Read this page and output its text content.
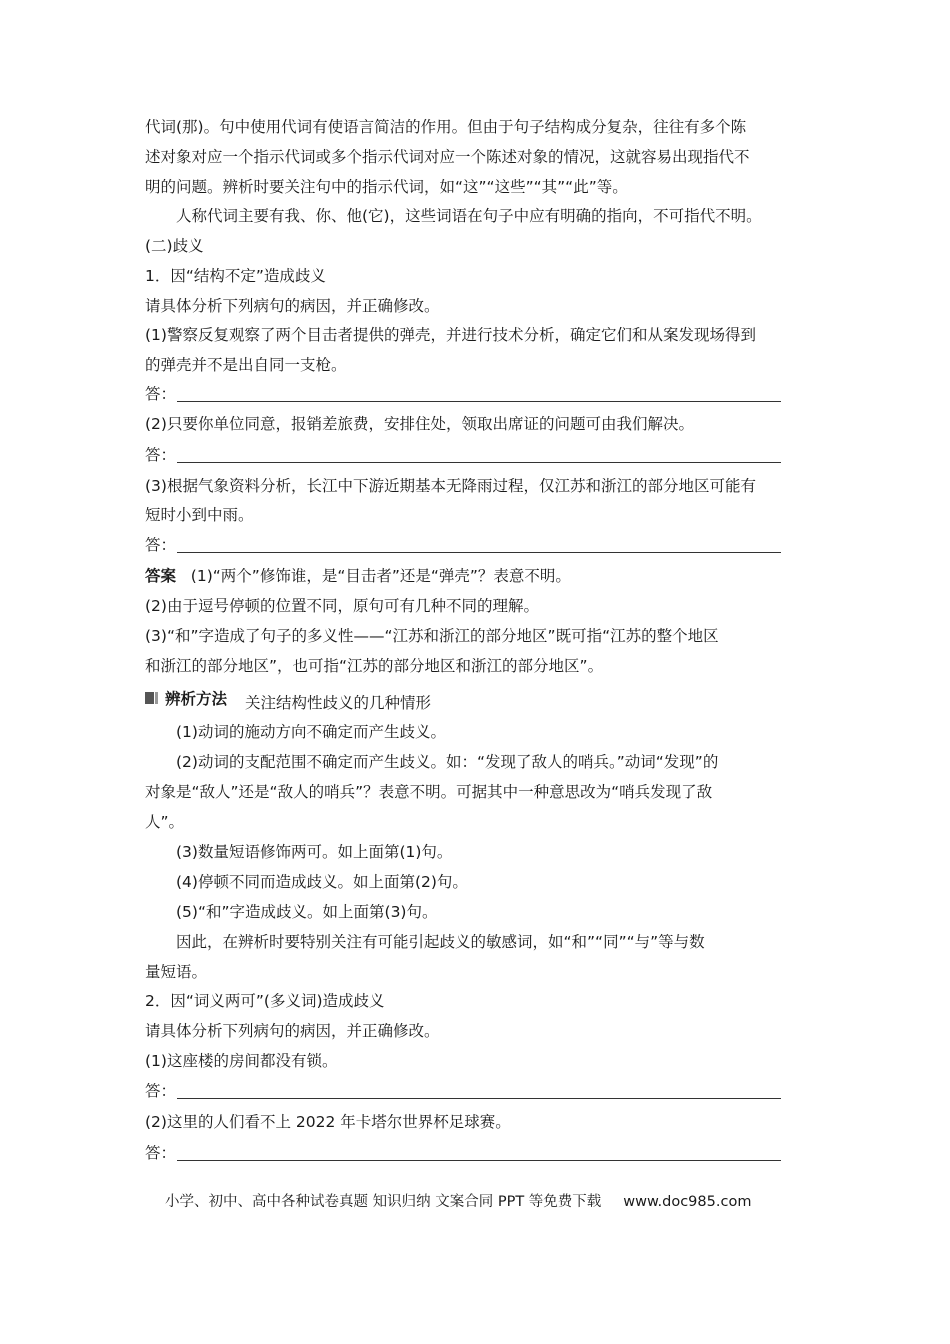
代词(那)。句中使用代词有使语言简洁的作用。但由于句子结构成分复杂，往往有多个陈
述对象对应一个指示代词或多个指示代词对应一个陈述对象的情况，这就容易出现指代不
明的问题。辨析时要关注句中的指示代词，如“这”“这些”“其”“此”等。
人称代词主要有我、你、他(它)，这些词语在句子中应有明确的指向，不可指代不明。
(二)歧义
1．因“结构不定”造成歧义
请具体分析下列病句的病因，并正确修改。
(1)警察反复观察了两个目击者提供的弹壳，并进行技术分析，确定它们和从案发现场得到
的弹壳并不是出自同一支枪。
答：
(2)只要你单位同意，报销差旅费，安排住处，领取出席证的问题可由我们解决。
答：
(3)根据气象资料分析，长江中下游近期基本无降雨过程，仅江苏和浙江的部分地区可能有
短时小到中雨。
答：
答案 (1)“两个”修饰谁，是“目击者”还是“弹壳”？表意不明。
(2)由于逗号停顿的位置不同，原句可有几种不同的理解。
(3)“和”字造成了句子的多义性——“江苏和浙江的部分地区”既可指“江苏的整个地区
和浙江的部分地区”，也可指“江苏的部分地区和浙江的部分地区”。
辨析方法 关注结构性歧义的几种情形
(1)动词的施动方向不确定而产生歧义。
(2)动词的支配范围不确定而产生歧义。如：“发现了敌人的哨兵。”动词“发现”的
对象是“敌人”还是“敌人的哨兵”？表意不明。可据其中一种意思改为“哨兵发现了敌
人”。
(3)数量短语修饰两可。如上面第(1)句。
(4)停顿不同而造成歧义。如上面第(2)句。
(5)“和”字造成歧义。如上面第(3)句。
因此，在辨析时要特别关注有可能引起歧义的敏感词，如“和”“同”“与”等与数
量短语。
2．因“词义两可”(多义词)造成歧义
请具体分析下列病句的病因，并正确修改。
(1)这座楼的房间都没有锁。
答：
(2)这里的人们看不上 2022 年卡塔尔世界杯足球赛。
答：
小学、初中、高中各种试卷真题 知识归纳 文案合同 PPT 等免费下载 www.doc985.com
